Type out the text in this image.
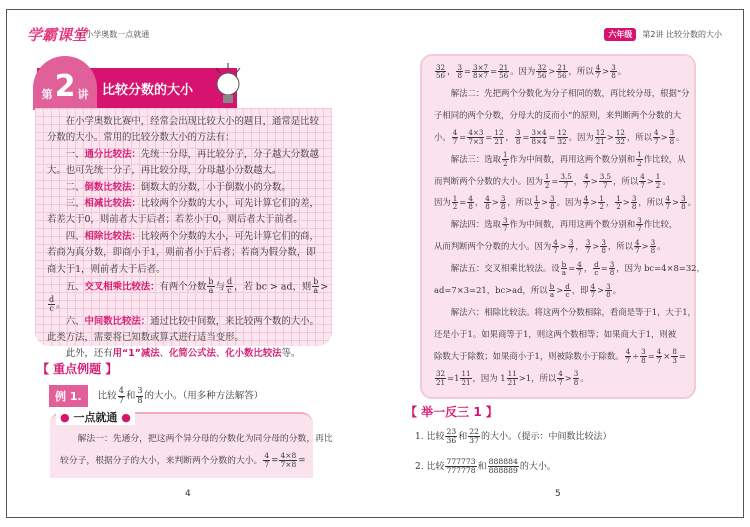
学霸课堂
• 小学奥数一点就通	六年级	第2讲 比较分数的大小
第 2 讲 比较分数的大小
　　在小学奥数比赛中，经常会出现比较大小的题目，通常是比较
分数的大小。常用的比较分数大小的方法有：
　　一、通分比较法：先统一分母，再比较分子，分子越大分数越
大。也可先统一分子，再比较分母，分母越小分数越大。
　　二、倒数比较法：倒数大的分数，小于倒数小的分数。
　　三、相减比较法：比较两个分数的大小，可先计算它们的差，
若差大于0，则前者大于后者；若差小于0，则后者大于前者。
　　四、相除比较法：比较两个分数的大小，可先计算它们的商，
若商为真分数，即商小于1，则前者小于后者；若商为假分数，即
商大于1，则前者大于后者。
　　五、交叉相乘比较法：有两个分数 $\frac{b}{a}$ 与 $\frac{d}{c}$ ，若 bc > ad，则 $\frac{b}{a}$ >
$\frac{d}{c}$ 。
　　六、中间数比较法：通过比较中间数，来比较两个数的大小。
此类方法，需要将已知数或算式进行适当变形。
　　此外，还有用“1”减法、化简公式法、化小数比较法等。
【 重点例题 】
例 1.	比较 $\frac{4}{7}$ 和 $\frac{3}{8}$ 的大小。（用多种方法解答）
　　解法一：先通分，把这两个异分母的分数化为同分母的分数，再比
较分子，根据分子的大小，来判断两个分数的大小。 $\frac{4}{7} = \frac{4\times 8}{7\times 8}$ =
● 一点就通 ●
4
$\frac{32}{56}$ ， $\frac{3}{8} = \frac{3\times 7}{8\times 7} = \frac{21}{56}$ 。因为 $\frac{32}{56} > \frac{21}{56}$ ，所以 $\frac{4}{7} > \frac{3}{8}$ 。
　　解法二：先把两个分数化为分子相同的数，再比较分母，根据“分
子相同的两个分数，分母大的反而小”的原则，来判断两个分数的大
小。 $\frac{4}{7} = \frac{4\times 3}{7\times 3} = \frac{12}{21}$ ， $\frac{3}{8} = \frac{3\times 4}{8\times 4} = \frac{12}{32}$ 。因为 $\frac{12}{21} > \frac{12}{32}$ ，所以 $\frac{4}{7} > \frac{3}{8}$ 。
　　解法三：选取 $\frac{1}{2}$ 作为中间数，再用这两个数分别和 $\frac{1}{2}$ 作比较，从
而判断两个分数的大小。因为 $\frac{1}{2} = \frac{3.5}{7}$ ， $\frac{4}{7} > \frac{3.5}{7}$ ，所以 $\frac{4}{7} > \frac{1}{2}$ 。
因为 $\frac{1}{2} = \frac{4}{8}$ ， $\frac{4}{8} > \frac{3}{8}$ ，所以 $\frac{1}{2} > \frac{3}{8}$ 。因为 $\frac{4}{7} > \frac{1}{2}$ ， $\frac{1}{2} > \frac{3}{8}$ ，所以 $\frac{4}{7} > \frac{3}{8}$ 。
　　解法四：选取 $\frac{3}{7}$ 作为中间数，再用这两个数分别和 $\frac{3}{7}$ 作比较，
从而判断两个分数的大小。因为 $\frac{4}{7} > \frac{3}{7}$ ， $\frac{3}{7} > \frac{3}{8}$ ，所以 $\frac{4}{7} > \frac{3}{8}$ 。
　　解法五：交叉相乘比较法。设 $\frac{b}{a} = \frac{4}{7}$ ， $\frac{d}{c} = \frac{3}{8}$ ，因为 bc=4×8=32，
ad=7×3=21，bc>ad，所以 $\frac{b}{a} > \frac{d}{c}$ ，即 $\frac{4}{7} > \frac{3}{8}$ 。
　　解法六：相除比较法。将这两个分数相除，看商是等于1，大于1，
还是小于1。如果商等于1，则这两个数相等；如果商大于1，则被
除数大于除数；如果商小于1，则被除数小于除数。 $\frac{4}{7} \div \frac{3}{8} = \frac{4}{7} \times \frac{8}{3}$ =
$\frac{32}{21} =1 \frac{11}{21}$ ，因为 $1 \frac{11}{21} >1$，所以 $\frac{4}{7} > \frac{3}{8}$ 。
【 举一反三 1 】
1. 比较 $\frac{23}{36}$ 和 $\frac{22}{37}$ 的大小。（提示：中间数比较法）
2. 比较 $\frac{777773}{777778}$ 和 $\frac{888884}{888889}$ 的大小。
5
